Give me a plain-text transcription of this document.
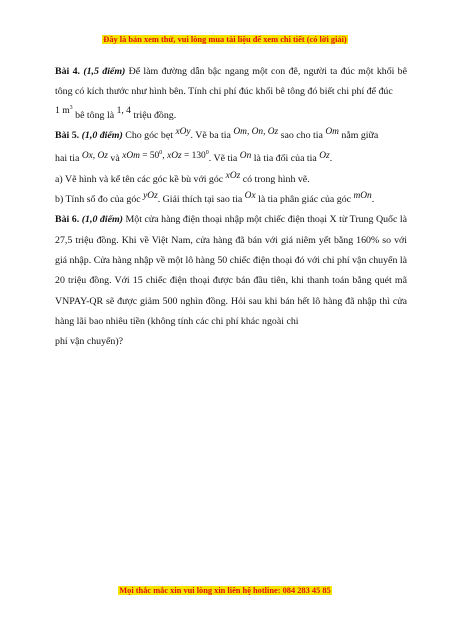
Đây là bản xem thử, vui lòng mua tài liệu để xem chi tiết (có lời giải)

Bài 4. (1,5 điểm) Để làm đường dẫn bậc ngang một con đê, người ta đúc một khối bê tông có kích thước như hình bên. Tính chi phí đúc khối bê tông đó biết chi phí để đúc

1 $m^3$ bê tông là 1, 4 triệu đồng.

Bài 5. (1,0 điểm) Cho góc bẹt xOy. Vẽ ba tia Om, On, Oz sao cho tia Om nằm giữa

hai tia Ox, Oz và xOm = $50^0$, xOz = $130^0$. Vẽ tia On là tia đối của tia Oz.

a) Vẽ hình và kể tên các góc kề bù với góc xOz có trong hình vẽ.

b) Tính số đo của góc yOz. Giải thích tại sao tia Ox là tia phân giác của góc mOn.

Bài 6. (1,0 điểm) Một cửa hàng điện thoại nhập một chiếc điện thoại X từ Trung Quốc là 27,5 triệu đồng. Khi về Việt Nam, cửa hàng đã bán với giá niêm yết bằng 160% so với giá nhập. Cửa hàng nhập về một lô hàng 50 chiếc điện thoại đó với chi phí vận chuyển là 20 triệu đồng. Với 15 chiếc điện thoại được bán đầu tiên, khi thanh toán bằng quét mã VNPAY-QR sẽ được giảm 500 nghìn đồng. Hỏi sau khi bán hết lô hàng đã nhập thì cửa hàng lãi bao nhiêu tiền (không tính các chi phí khác ngoài chi

phí vận chuyển)?

Mọi thắc mắc xin vui lòng xin liên hệ hotline: 084 283 45 85
